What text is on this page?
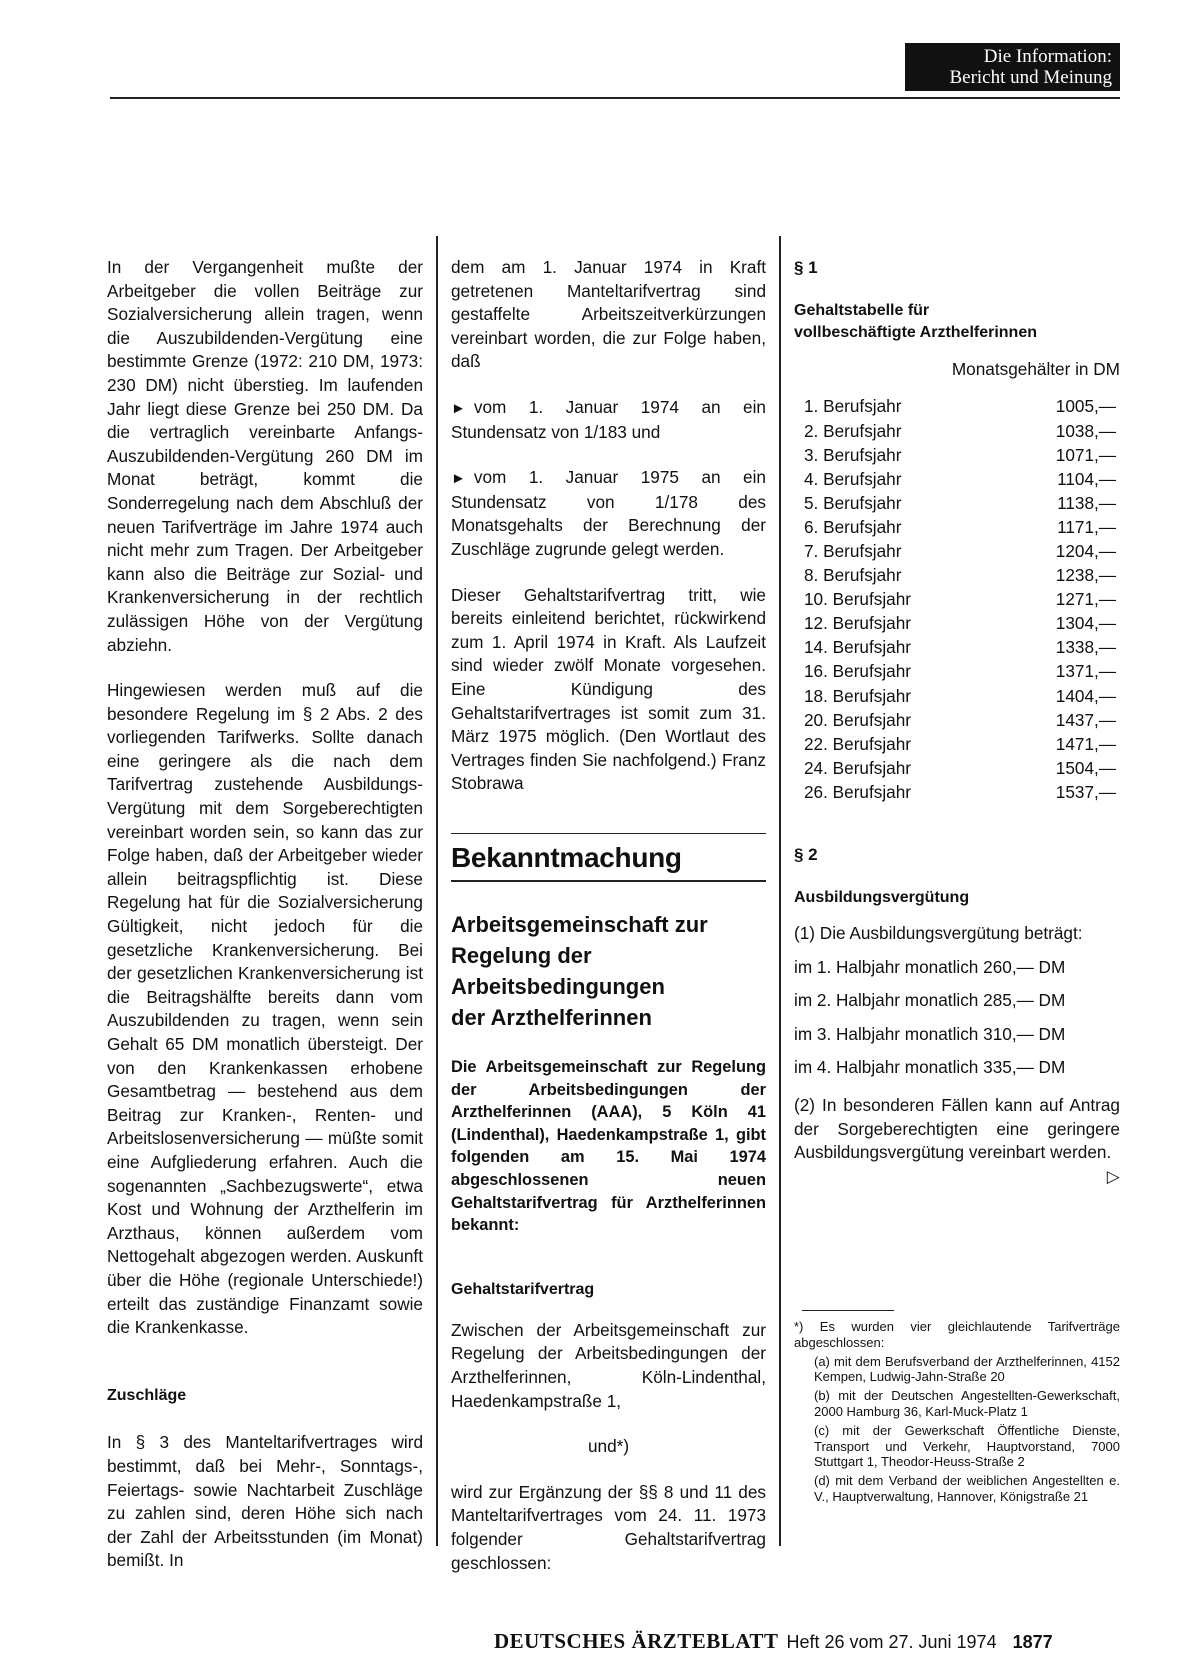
Die Information:
Bericht und Meinung

In der Vergangenheit mußte der Arbeitgeber die vollen Beiträge zur Sozialversicherung allein tragen, wenn die Auszubildenden-Vergütung eine bestimmte Grenze (1972: 210 DM, 1973: 230 DM) nicht überstieg. Im laufenden Jahr liegt diese Grenze bei 250 DM. Da die vertraglich vereinbarte Anfangs-Auszubildenden-Vergütung 260 DM im Monat beträgt, kommt die Sonderregelung nach dem Abschluß der neuen Tarifverträge im Jahre 1974 auch nicht mehr zum Tragen. Der Arbeitgeber kann also die Beiträge zur Sozial- und Krankenversicherung in der rechtlich zulässigen Höhe von der Vergütung abziehn.

Hingewiesen werden muß auf die besondere Regelung im § 2 Abs. 2 des vorliegenden Tarifwerks. Sollte danach eine geringere als die nach dem Tarifvertrag zustehende Ausbildungs-Vergütung mit dem Sorgeberechtigten vereinbart worden sein, so kann das zur Folge haben, daß der Arbeitgeber wieder allein beitragspflichtig ist. Diese Regelung hat für die Sozialversicherung Gültigkeit, nicht jedoch für die gesetzliche Krankenversicherung. Bei der gesetzlichen Krankenversicherung ist die Beitragshälfte bereits dann vom Auszubildenden zu tragen, wenn sein Gehalt 65 DM monatlich übersteigt. Der von den Krankenkassen erhobene Gesamtbetrag — bestehend aus dem Beitrag zur Kranken-, Renten- und Arbeitslosenversicherung — müßte somit eine Aufgliederung erfahren. Auch die sogenannten „Sachbezugswerte“, etwa Kost und Wohnung der Arzthelferin im Arzthaus, können außerdem vom Nettogehalt abgezogen werden. Auskunft über die Höhe (regionale Unterschiede!) erteilt das zuständige Finanzamt sowie die Krankenkasse.

Zuschläge

In § 3 des Manteltarifvertrages wird bestimmt, daß bei Mehr-, Sonntags-, Feiertags- sowie Nachtarbeit Zuschläge zu zahlen sind, deren Höhe sich nach der Zahl der Arbeitsstunden (im Monat) bemißt. In

dem am 1. Januar 1974 in Kraft getretenen Manteltarifvertrag sind gestaffelte Arbeitszeitverkürzungen vereinbart worden, die zur Folge haben, daß

► vom 1. Januar 1974 an ein Stundensatz von 1/183 und

► vom 1. Januar 1975 an ein Stundensatz von 1/178 des Monatsgehalts der Berechnung der Zuschläge zugrunde gelegt werden.

Dieser Gehaltstarifvertrag tritt, wie bereits einleitend berichtet, rückwirkend zum 1. April 1974 in Kraft. Als Laufzeit sind wieder zwölf Monate vorgesehen. Eine Kündigung des Gehaltstarifvertrages ist somit zum 31. März 1975 möglich. (Den Wortlaut des Vertrages finden Sie nachfolgend.) Franz Stobrawa

Bekanntmachung
Arbeitsgemeinschaft zur
Regelung der
Arbeitsbedingungen
der Arzthelferinnen

Die Arbeitsgemeinschaft zur Regelung der Arbeitsbedingungen der Arzthelferinnen (AAA), 5 Köln 41 (Lindenthal), Haedenkampstraße 1, gibt folgenden am 15. Mai 1974 abgeschlossenen neuen Gehaltstarifvertrag für Arzthelferinnen bekannt:

Gehaltstarifvertrag

Zwischen der Arbeitsgemeinschaft zur Regelung der Arbeitsbedingungen der Arzthelferinnen, Köln-Lindenthal, Haedenkampstraße 1,

und*)

wird zur Ergänzung der §§ 8 und 11 des Manteltarifvertrages vom 24. 11. 1973 folgender Gehaltstarifvertrag geschlossen:

§ 1

Gehaltstabelle für
vollbeschäftigte Arzthelferinnen

Monatsgehälter in DM

1. Berufsjahr	1005,—
2. Berufsjahr	1038,—
3. Berufsjahr	1071,—
4. Berufsjahr	1104,—
5. Berufsjahr	1138,—
6. Berufsjahr	1171,—
7. Berufsjahr	1204,—
8. Berufsjahr	1238,—
10. Berufsjahr	1271,—
12. Berufsjahr	1304,—
14. Berufsjahr	1338,—
16. Berufsjahr	1371,—
18. Berufsjahr	1404,—
20. Berufsjahr	1437,—
22. Berufsjahr	1471,—
24. Berufsjahr	1504,—
26. Berufsjahr	1537,—

§ 2

Ausbildungsvergütung

(1) Die Ausbildungsvergütung beträgt:

im 1. Halbjahr monatlich 260,— DM

im 2. Halbjahr monatlich 285,— DM

im 3. Halbjahr monatlich 310,— DM

im 4. Halbjahr monatlich 335,— DM

(2) In besonderen Fällen kann auf Antrag der Sorgeberechtigten eine geringere Ausbildungsvergütung vereinbart werden.
▷

*) Es wurden vier gleichlautende Tarifverträge abgeschlossen:

(a) mit dem Berufsverband der Arzthelferinnen, 4152 Kempen, Ludwig-Jahn-Straße 20

(b) mit der Deutschen Angestellten-Gewerkschaft, 2000 Hamburg 36, Karl-Muck-Platz 1

(c) mit der Gewerkschaft Öffentliche Dienste, Transport und Verkehr, Hauptvorstand, 7000 Stuttgart 1, Theodor-Heuss-Straße 2

(d) mit dem Verband der weiblichen Angestellten e. V., Hauptverwaltung, Hannover, Königstraße 21

DEUTSCHES ÄRZTEBLATT Heft 26 vom 27. Juni 1974 1877
